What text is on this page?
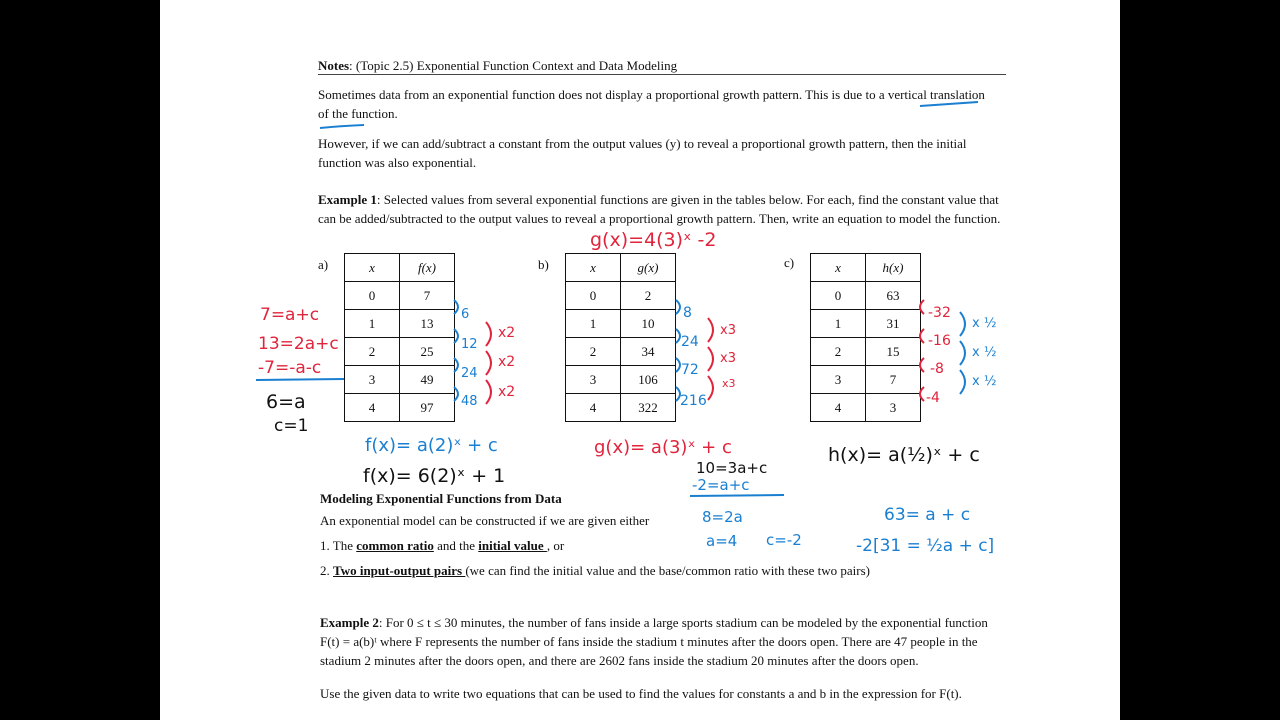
Notes: (Topic 2.5) Exponential Function Context and Data Modeling
Sometimes data from an exponential function does not display a proportional growth pattern. This is due to a vertical translation of the function.
However, if we can add/subtract a constant from the output values (y) to reveal a proportional growth pattern, then the initial function was also exponential.
Example 1: Selected values from several exponential functions are given in the tables below. For each, find the constant value that can be added/subtracted to the output values to reveal a proportional growth pattern. Then, write an equation to model the function.
a)	x	f(x)
0	7
1	13
2	25
3	49
4	97
b)	x	g(x)
0	2
1	10
2	34
3	106
4	322
c)	x	h(x)
0	63
1	31
2	15
3	7
4	3
Modeling Exponential Functions from Data
An exponential model can be constructed if we are given either
1. The common ratio and the initial value , or
2. Two input-output pairs (we can find the initial value and the base/common ratio with these two pairs)
Example 2: For 0 ≤ t ≤ 30 minutes, the number of fans inside a large sports stadium can be modeled by the exponential function F(t) = a(b)ᵗ where F represents the number of fans inside the stadium t minutes after the doors open. There are 47 people in the stadium 2 minutes after the doors open, and there are 2602 fans inside the stadium 20 minutes after the doors open.
Use the given data to write two equations that can be used to find the values for constants a and b in the expression for F(t).
7=a+c
13=2a+c
-7=-a-c
6=a
c=1
6
12
24
48
x2
x2
x2
f(x)= a(2)ˣ + c
f(x)= 6(2)ˣ + 1
g(x)=4(3)ˣ -2
8
24
72
216
x3
x3
x3
g(x)= a(3)ˣ + c
10=3a+c
-2=a+c
8=2a
a=4 c=-2
-32
-16
-8
-4
x ½
x ½
x ½
h(x)= a(½)ˣ + c
63= a + c
-2[31 = ½a + c]
